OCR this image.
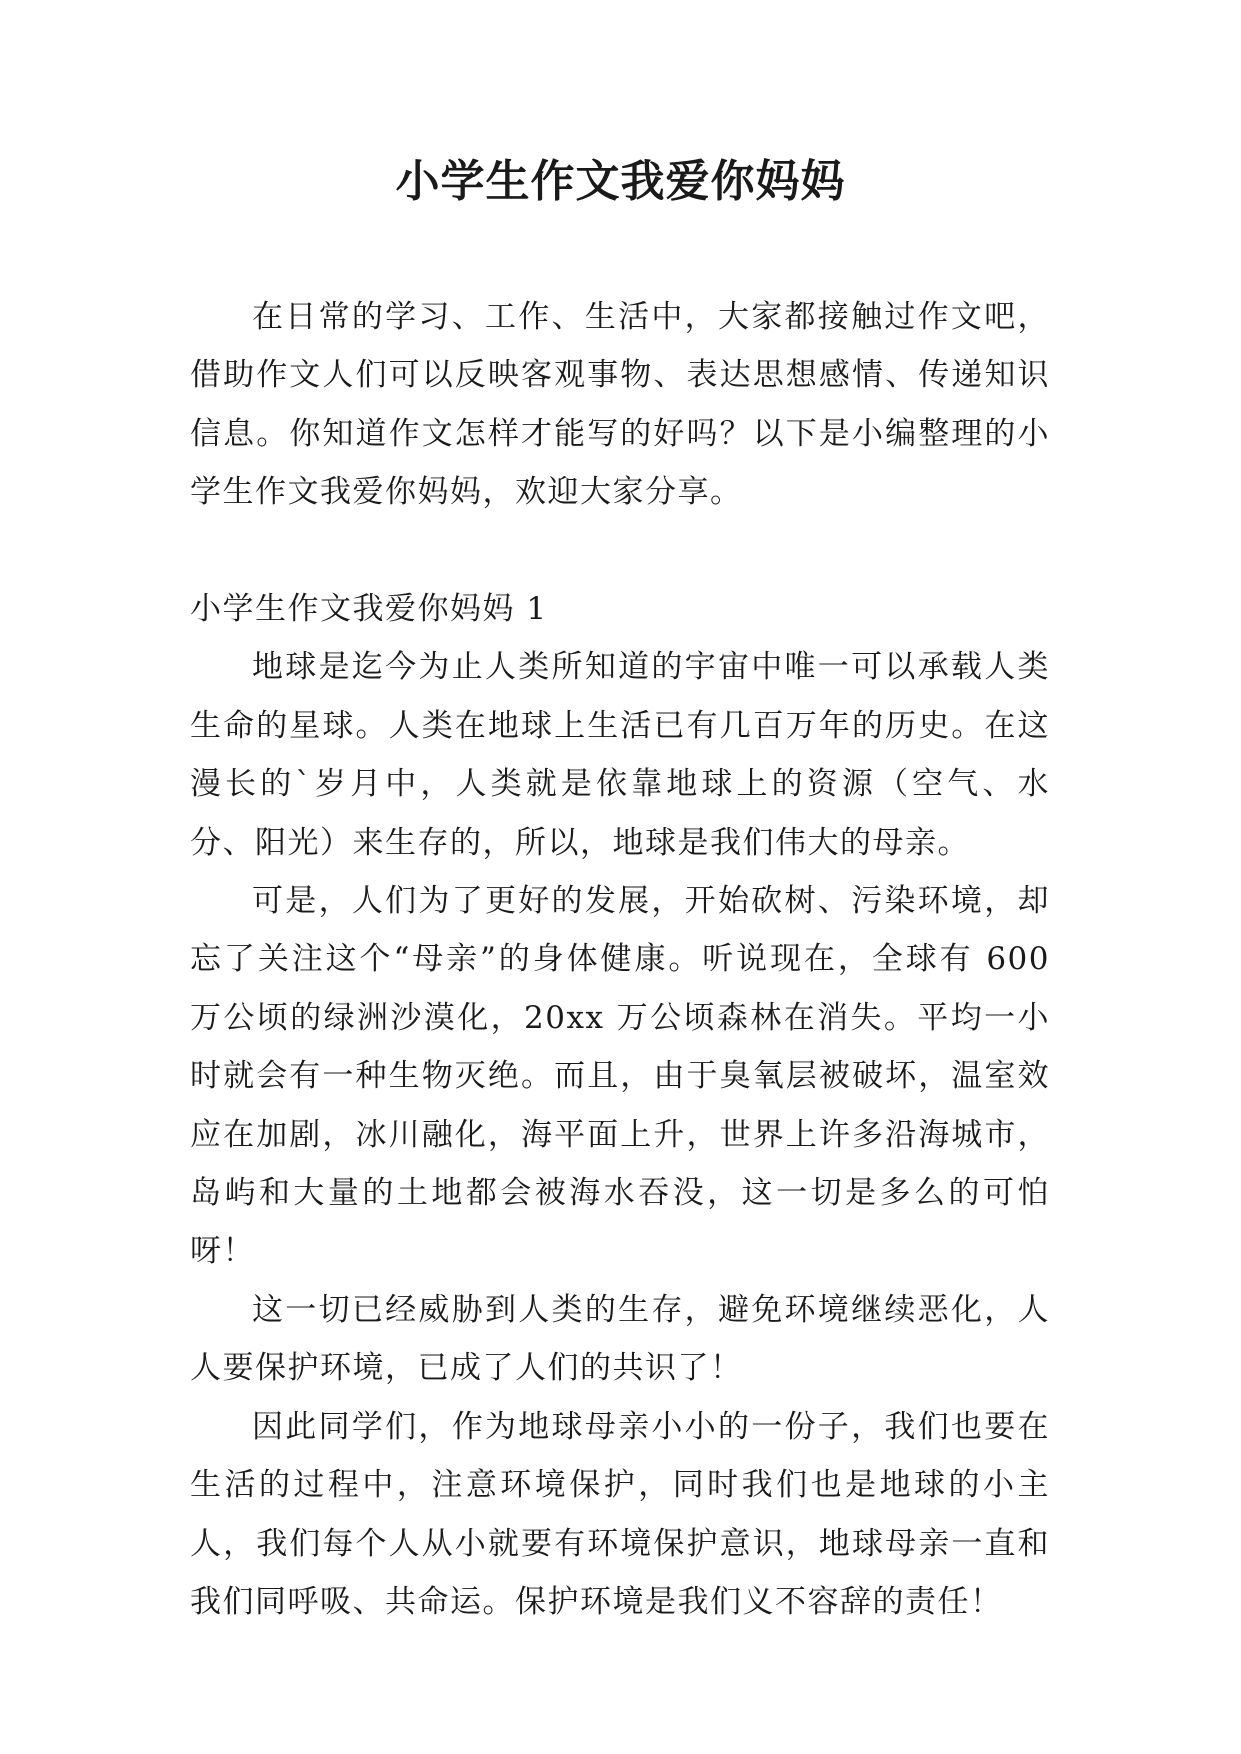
小学生作文我爱你妈妈

在日常的学习、工作、生活中，大家都接触过作文吧，借助作文人们可以反映客观事物、表达思想感情、传递知识信息。你知道作文怎样才能写的好吗？以下是小编整理的小学生作文我爱你妈妈，欢迎大家分享。

小学生作文我爱你妈妈 1

地球是迄今为止人类所知道的宇宙中唯一可以承载人类生命的星球。人类在地球上生活已有几百万年的历史。在这漫长的`岁月中，人类就是依靠地球上的资源（空气、水分、阳光）来生存的，所以，地球是我们伟大的母亲。

可是，人们为了更好的发展，开始砍树、污染环境，却忘了关注这个“母亲”的身体健康。听说现在，全球有 600 万公顷的绿洲沙漠化，20xx 万公顷森林在消失。平均一小时就会有一种生物灭绝。而且，由于臭氧层被破坏，温室效应在加剧，冰川融化，海平面上升，世界上许多沿海城市，岛屿和大量的土地都会被海水吞没，这一切是多么的可怕呀！

这一切已经威胁到人类的生存，避免环境继续恶化，人人要保护环境，已成了人们的共识了！

因此同学们，作为地球母亲小小的一份子，我们也要在生活的过程中，注意环境保护，同时我们也是地球的小主人，我们每个人从小就要有环境保护意识，地球母亲一直和我们同呼吸、共命运。保护环境是我们义不容辞的责任！
